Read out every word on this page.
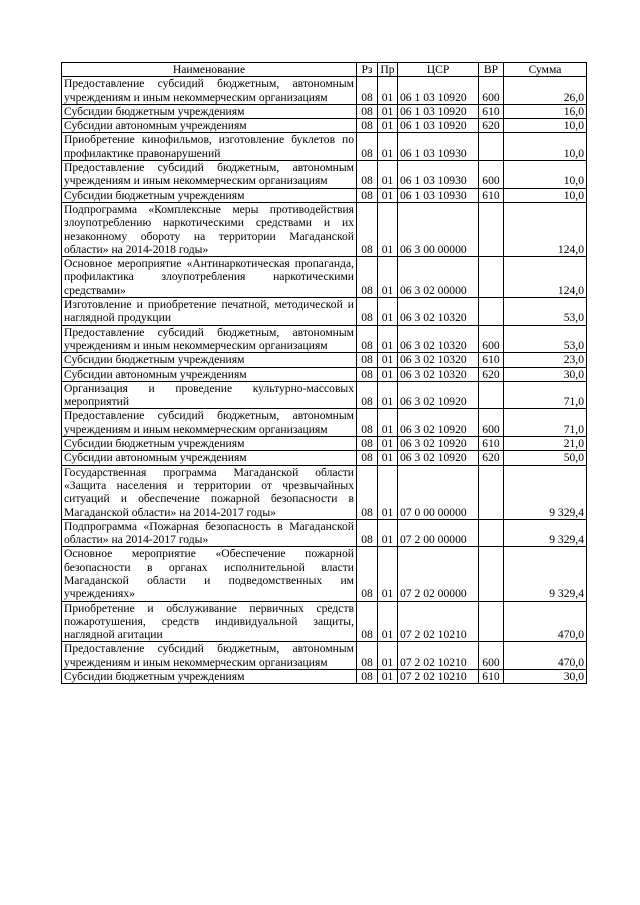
Наименование	Рз	Пр	ЦСР	ВР	Сумма
Предоставление субсидий бюджетным, автономным учреждениям и иным некоммерческим организациям	08	01	06 1 03 10920	600	26,0
Субсидии бюджетным учреждениям	08	01	06 1 03 10920	610	16,0
Субсидии автономным учреждениям	08	01	06 1 03 10920	620	10,0
Приобретение кинофильмов, изготовление буклетов по профилактике правонарушений	08	01	06 1 03 10930		10,0
Предоставление субсидий бюджетным, автономным учреждениям и иным некоммерческим организациям	08	01	06 1 03 10930	600	10,0
Субсидии бюджетным учреждениям	08	01	06 1 03 10930	610	10,0
Подпрограмма «Комплексные меры противодействия злоупотреблению наркотическими средствами и их незаконному обороту на территории Магаданской области» на 2014-2018 годы»	08	01	06 3 00 00000		124,0
Основное мероприятие «Антинаркотическая пропаганда, профилактика злоупотребления наркотическими средствами»	08	01	06 3 02 00000		124,0
Изготовление и приобретение печатной, методической и наглядной продукции	08	01	06 3 02 10320		53,0
Предоставление субсидий бюджетным, автономным учреждениям и иным некоммерческим организациям	08	01	06 3 02 10320	600	53,0
Субсидии бюджетным учреждениям	08	01	06 3 02 10320	610	23,0
Субсидии автономным учреждениям	08	01	06 3 02 10320	620	30,0
Организация и проведение культурно-массовых мероприятий	08	01	06 3 02 10920		71,0
Предоставление субсидий бюджетным, автономным учреждениям и иным некоммерческим организациям	08	01	06 3 02 10920	600	71,0
Субсидии бюджетным учреждениям	08	01	06 3 02 10920	610	21,0
Субсидии автономным учреждениям	08	01	06 3 02 10920	620	50,0
Государственная программа Магаданской области «Защита населения и территории от чрезвычайных ситуаций и обеспечение пожарной безопасности в Магаданской области» на 2014-2017 годы»	08	01	07 0 00 00000		9 329,4
Подпрограмма «Пожарная безопасность в Магаданской области» на 2014-2017 годы»	08	01	07 2 00 00000		9 329,4
Основное мероприятие «Обеспечение пожарной безопасности в органах исполнительной власти Магаданской области и подведомственных им учреждениях»	08	01	07 2 02 00000		9 329,4
Приобретение и обслуживание первичных средств пожаротушения, средств индивидуальной защиты, наглядной агитации	08	01	07 2 02 10210		470,0
Предоставление субсидий бюджетным, автономным учреждениям и иным некоммерческим организациям	08	01	07 2 02 10210	600	470,0
Субсидии бюджетным учреждениям	08	01	07 2 02 10210	610	30,0
